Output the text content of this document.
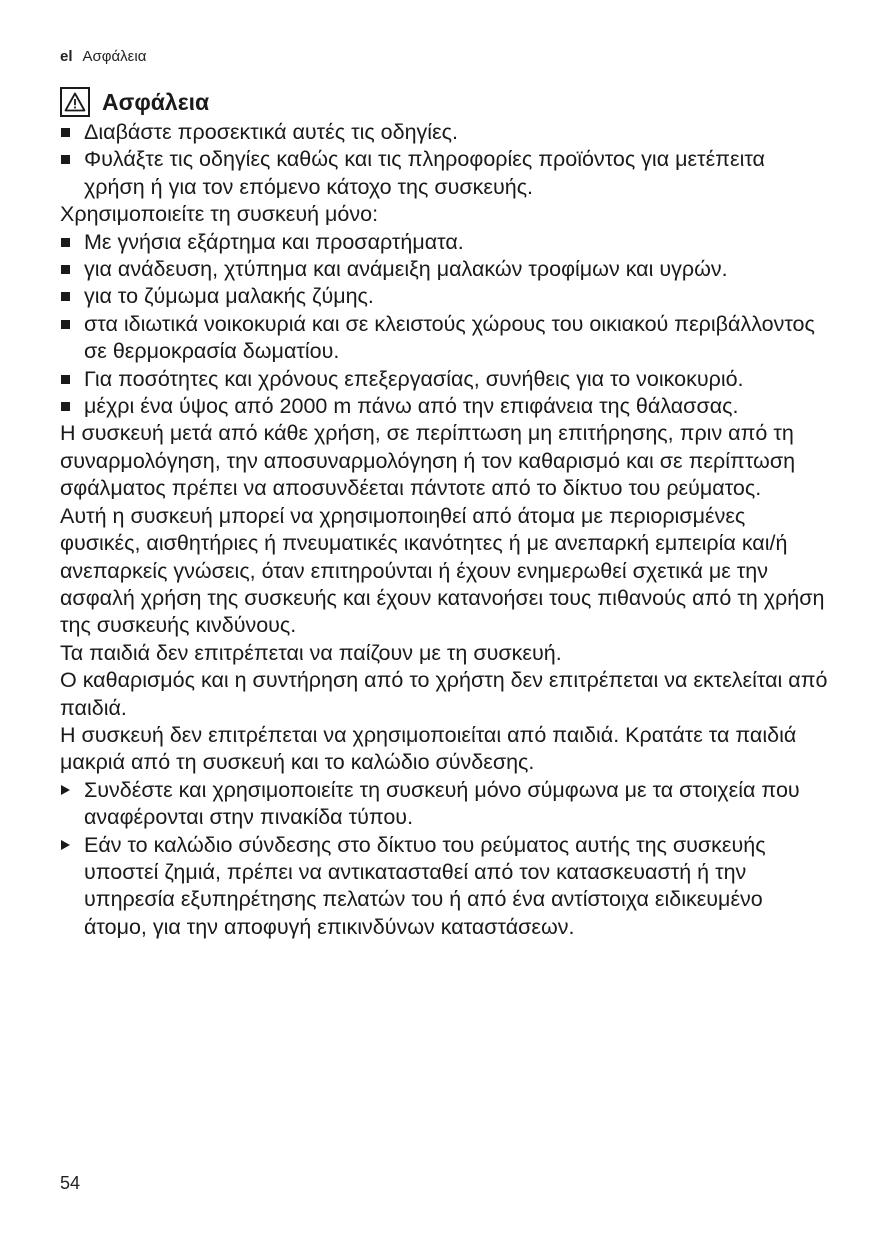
el Ασφάλεια
Ασφάλεια
Διαβάστε προσεκτικά αυτές τις οδηγίες.
Φυλάξτε τις οδηγίες καθώς και τις πληροφορίες προϊόντος για μετέπειτα χρήση ή για τον επόμενο κάτοχο της συσκευής.

Χρησιμοποιείτε τη συσκευή μόνο:

Με γνήσια εξάρτημα και προσαρτήματα.
για ανάδευση, χτύπημα και ανάμειξη μαλακών τροφίμων και υγρών.
για το ζύμωμα μαλακής ζύμης.
στα ιδιωτικά νοικοκυριά και σε κλειστούς χώρους του οικιακού περιβάλλοντος σε θερμοκρασία δωματίου.
Για ποσότητες και χρόνους επεξεργασίας, συνήθεις για το νοικοκυριό.
μέχρι ένα ύψος από 2000 m πάνω από την επιφάνεια της θάλασσας.

Η συσκευή μετά από κάθε χρήση, σε περίπτωση μη επιτήρησης, πριν από τη συναρμολόγηση, την αποσυναρμολόγηση ή τον καθαρισμό και σε περίπτωση σφάλματος πρέπει να αποσυνδέεται πάντοτε από το δίκτυο του ρεύματος.

Αυτή η συσκευή μπορεί να χρησιμοποιηθεί από άτομα με περιορισμένες φυσικές, αισθητήριες ή πνευματικές ικανότητες ή με ανεπαρκή εμπειρία και/ή ανεπαρκείς γνώσεις, όταν επιτηρούνται ή έχουν ενημερωθεί σχετικά με την ασφαλή χρήση της συσκευής και έχουν κατανοήσει τους πιθανούς από τη χρήση της συσκευής κινδύνους.

Τα παιδιά δεν επιτρέπεται να παίζουν με τη συσκευή.

Ο καθαρισμός και η συντήρηση από το χρήστη δεν επιτρέπεται να εκτελείται από παιδιά.

Η συσκευή δεν επιτρέπεται να χρησιμοποιείται από παιδιά. Κρατάτε τα παιδιά μακριά από τη συσκευή και το καλώδιο σύνδεσης.

Συνδέστε και χρησιμοποιείτε τη συσκευή μόνο σύμφωνα με τα στοιχεία που αναφέρονται στην πινακίδα τύπου.
Εάν το καλώδιο σύνδεσης στο δίκτυο του ρεύματος αυτής της συσκευής υποστεί ζημιά, πρέπει να αντικατασταθεί από τον κατασκευαστή ή την υπηρεσία εξυπηρέτησης πελατών του ή από ένα αντίστοιχα ειδικευμένο άτομο, για την αποφυγή επικινδύνων καταστάσεων.
54
